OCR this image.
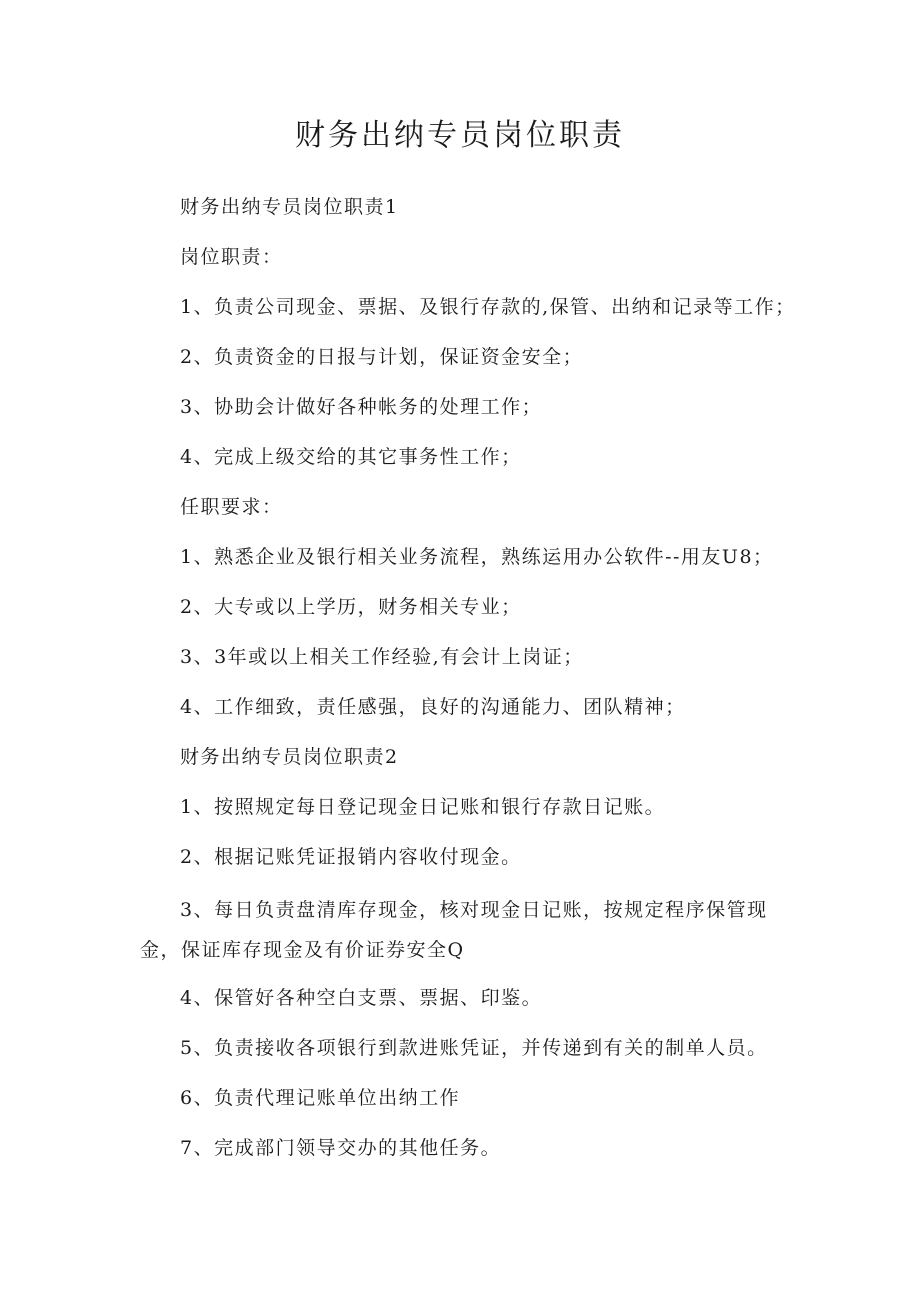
财务出纳专员岗位职责
财务出纳专员岗位职责1
岗位职责：
1、负责公司现金、票据、及银行存款的,保管、出纳和记录等工作；
2、负责资金的日报与计划，保证资金安全；
3、协助会计做好各种帐务的处理工作；
4、完成上级交给的其它事务性工作；
任职要求：
1、熟悉企业及银行相关业务流程，熟练运用办公软件--用友U8；
2、大专或以上学历，财务相关专业；
3、3年或以上相关工作经验,有会计上岗证；
4、工作细致，责任感强，良好的沟通能力、团队精神；
财务出纳专员岗位职责2
1、按照规定每日登记现金日记账和银行存款日记账。
2、根据记账凭证报销内容收付现金。
3、每日负责盘清库存现金，核对现金日记账，按规定程序保管现金，保证库存现金及有价证券安全Q
4、保管好各种空白支票、票据、印鉴。
5、负责接收各项银行到款进账凭证，并传递到有关的制单人员。
6、负责代理记账单位出纳工作
7、完成部门领导交办的其他任务。
